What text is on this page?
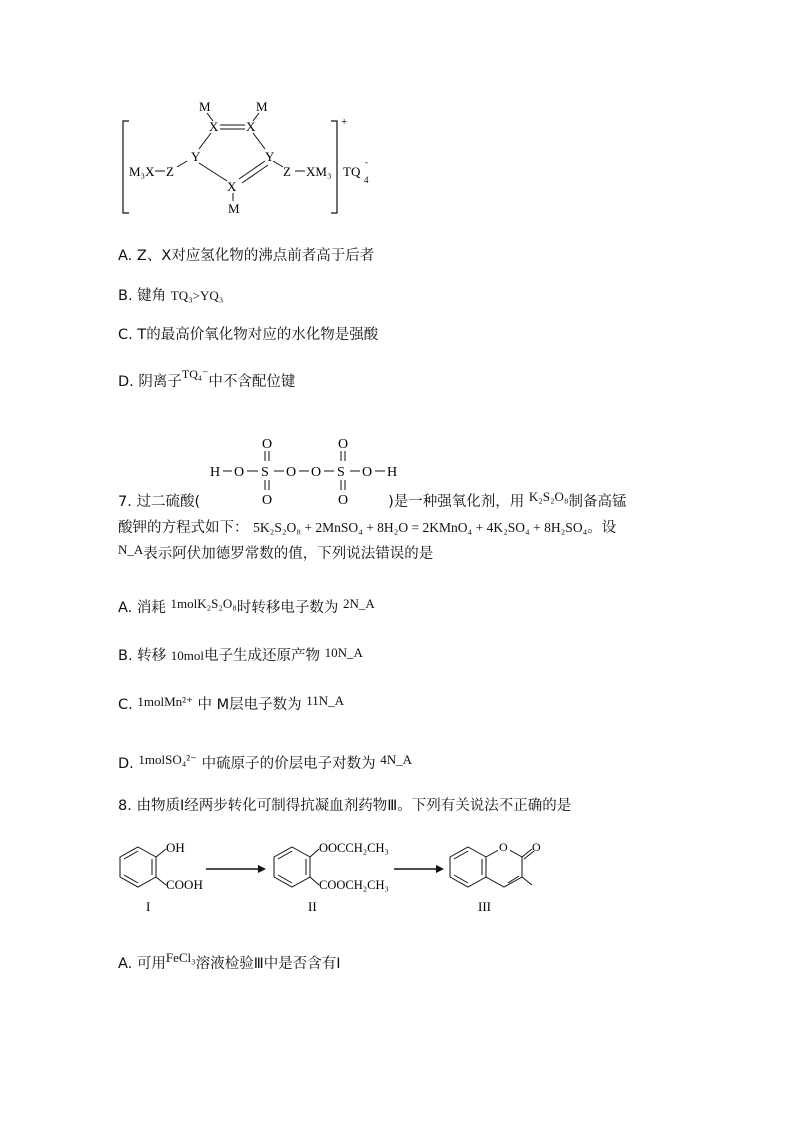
M	M
X X
Y	Y
X
M
M₃X Z	Z XM₃
+
TQ
4
-
A. Z、X对应氢化物的沸点前者高于后者
B. 键角 TQ₃>YQ₃
C. T的最高价氧化物对应的水化物是强酸
D. 阴离子$^{TQ_4^-}$中不含配位键
H O S O O S O H
O
O
O
O
7. 过二硫酸(	)是一种强氧化剂，用 K₂S₂O₈制备高锰
酸钾的方程式如下： 5K₂S₂O₈ + 2MnSO₄ + 8H₂O = 2KMnO₄ + 4K₂SO₄ + 8H₂SO₄。设
N_A表示阿伏加德罗常数的值，下列说法错误的是
A. 消耗 1molK₂S₂O₈时转移电子数为 2N_A
B. 转移 10mol电子生成还原产物 10N_A
C. 1molMn²⁺ 中 M层电子数为 11N_A
D. 1molSO₄²⁻ 中硫原子的价层电子对数为 4N_A
8. 由物质Ⅰ经两步转化可制得抗凝血剂药物Ⅲ。下列有关说法不正确的是
OH
COOH
I
OOCCH₂CH₃
COOCH₂CH₃
II
O O
III
A. 可用FeCl₃溶液检验Ⅲ中是否含有Ⅰ
